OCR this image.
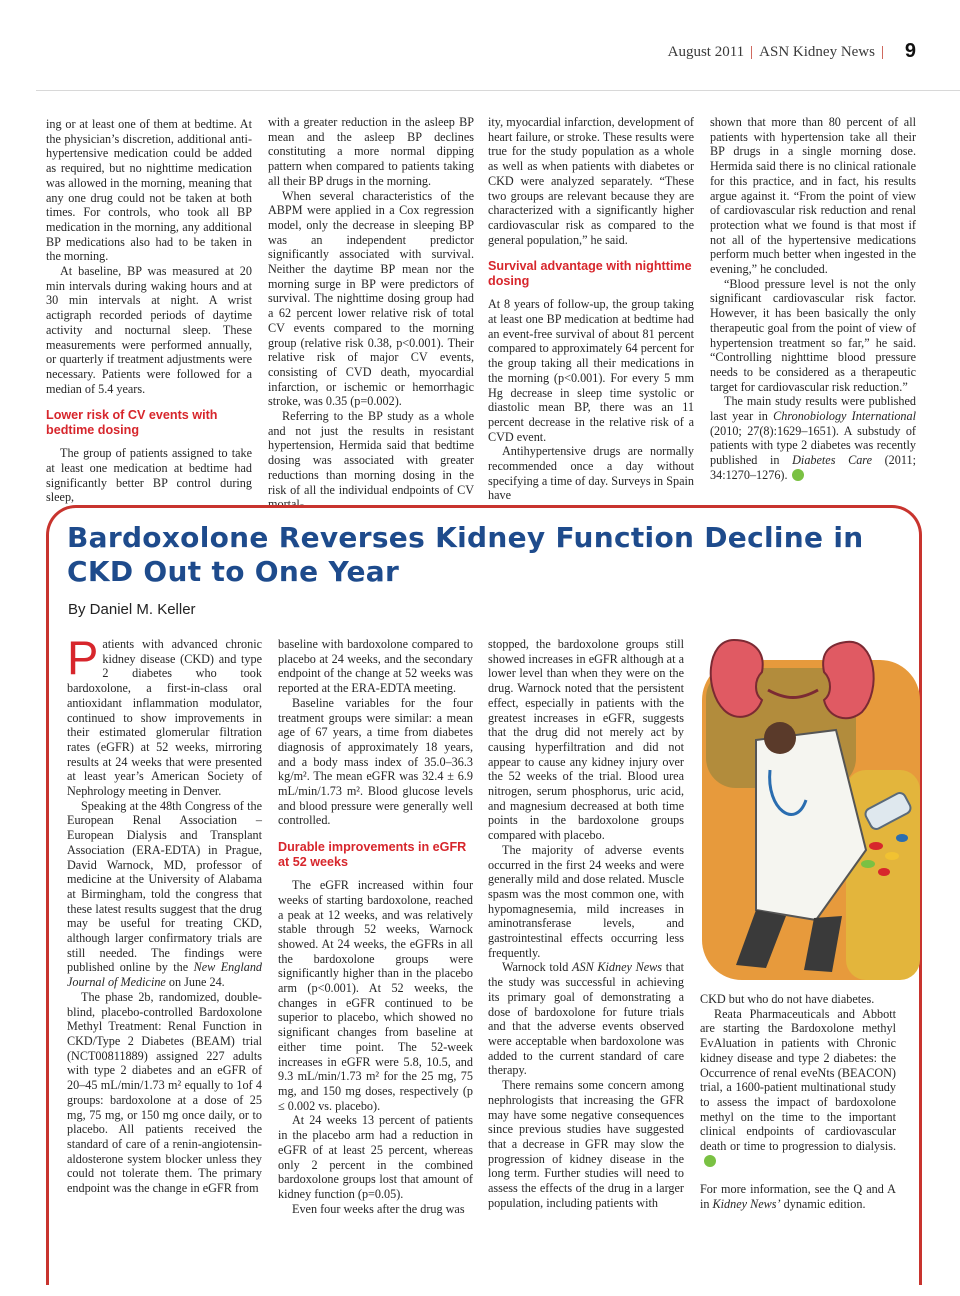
August 2011 | ASN Kidney News |	9

ing or at least one of them at bedtime. At the physician’s discretion, additional anti-hypertensive medication could be added as required, but no nighttime medication was allowed in the morning, meaning that any one drug could not be taken at both times. For controls, who took all BP medication in the morning, any additional BP medications also had to be taken in the morning.

At baseline, BP was measured at 20 min intervals during waking hours and at 30 min intervals at night. A wrist actigraph recorded periods of daytime activity and nocturnal sleep. These measurements were performed annually, or quarterly if treatment adjustments were necessary. Patients were followed for a median of 5.4 years.

Lower risk of CV events with bedtime dosing

The group of patients assigned to take at least one medication at bedtime had significantly better BP control during sleep,

with a greater reduction in the asleep BP mean and the asleep BP declines constituting a more normal dipping pattern when compared to patients taking all their BP drugs in the morning.

When several characteristics of the ABPM were applied in a Cox regression model, only the decrease in sleeping BP was an independent predictor significantly associated with survival. Neither the daytime BP mean nor the morning surge in BP were predictors of survival. The nighttime dosing group had a 62 percent lower relative risk of total CV events compared to the morning group (relative risk 0.38, p<0.001). Their relative risk of major CV events, consisting of CVD death, myocardial infarction, or ischemic or hemorrhagic stroke, was 0.35 (p=0.002).

Referring to the BP study as a whole and not just the results in resistant hypertension, Hermida said that bedtime dosing was associated with greater reductions than morning dosing in the risk of all the individual endpoints of CV mortal-

ity, myocardial infarction, development of heart failure, or stroke. These results were true for the study population as a whole as well as when patients with diabetes or CKD were analyzed separately. “These two groups are relevant because they are characterized with a significantly higher cardiovascular risk as compared to the general population,” he said.

Survival advantage with nighttime dosing

At 8 years of follow-up, the group taking at least one BP medication at bedtime had an event-free survival of about 81 percent compared to approximately 64 percent for the group taking all their medications in the morning (p<0.001). For every 5 mm Hg decrease in sleep time systolic or diastolic mean BP, there was an 11 percent decrease in the relative risk of a CVD event.

Antihypertensive drugs are normally recommended once a day without specifying a time of day. Surveys in Spain have

shown that more than 80 percent of all patients with hypertension take all their BP drugs in a single morning dose. Hermida said there is no clinical rationale for this practice, and in fact, his results argue against it. “From the point of view of cardiovascular risk reduction and renal protection what we found is that most if not all of the hypertensive medications perform much better when ingested in the evening,” he concluded.

“Blood pressure level is not the only significant cardiovascular risk factor. However, it has been basically the only therapeutic goal from the point of view of hypertension treatment so far,” he said. “Controlling nighttime blood pressure needs to be considered as a therapeutic target for cardiovascular risk reduction.”

The main study results were published last year in Chronobiology International (2010; 27(8):1629–1651). A substudy of patients with type 2 diabetes was recently published in Diabetes Care (2011; 34:1270–1276).

Bardoxolone Reverses Kidney Function Decline in CKD Out to One Year
By Daniel M. Keller

Patients with advanced chronic kidney disease (CKD) and type 2 diabetes who took bardoxolone, a first-in-class oral antioxidant inflammation modulator, continued to show improvements in their estimated glomerular filtration rates (eGFR) at 52 weeks, mirroring results at 24 weeks that were presented at least year’s American Society of Nephrology meeting in Denver.

Speaking at the 48th Congress of the European Renal Association – European Dialysis and Transplant Association (ERA-EDTA) in Prague, David Warnock, MD, professor of medicine at the University of Alabama at Birmingham, told the congress that these latest results suggest that the drug may be useful for treating CKD, although larger confirmatory trials are still needed. The findings were published online by the New England Journal of Medicine on June 24.

The phase 2b, randomized, double-blind, placebo-controlled Bardoxolone Methyl Treatment: Renal Function in CKD/Type 2 Diabetes (BEAM) trial (NCT00811889) assigned 227 adults with type 2 diabetes and an eGFR of 20–45 mL/min/1.73 m² equally to 1of 4 groups: bardoxolone at a dose of 25 mg, 75 mg, or 150 mg once daily, or to placebo. All patients received the standard of care of a renin-angiotensin-aldosterone system blocker unless they could not tolerate them. The primary endpoint was the change in eGFR from

baseline with bardoxolone compared to placebo at 24 weeks, and the secondary endpoint of the change at 52 weeks was reported at the ERA-EDTA meeting.

Baseline variables for the four treatment groups were similar: a mean age of 67 years, a time from diabetes diagnosis of approximately 18 years, and a body mass index of 35.0–36.3 kg/m². The mean eGFR was 32.4 ± 6.9 mL/min/1.73 m². Blood glucose levels and blood pressure were generally well controlled.

Durable improvements in eGFR at 52 weeks

The eGFR increased within four weeks of starting bardoxolone, reached a peak at 12 weeks, and was relatively stable through 52 weeks, Warnock showed. At 24 weeks, the eGFRs in all the bardoxolone groups were significantly higher than in the placebo arm (p<0.001). At 52 weeks, the changes in eGFR continued to be superior to placebo, which showed no significant changes from baseline at either time point. The 52-week increases in eGFR were 5.8, 10.5, and 9.3 mL/min/1.73 m² for the 25 mg, 75 mg, and 150 mg doses, respectively (p ≤ 0.002 vs. placebo).

At 24 weeks 13 percent of patients in the placebo arm had a reduction in eGFR of at least 25 percent, whereas only 2 percent in the combined bardoxolone groups lost that amount of kidney function (p=0.05).

Even four weeks after the drug was

stopped, the bardoxolone groups still showed increases in eGFR although at a lower level than when they were on the drug. Warnock noted that the persistent effect, especially in patients with the greatest increases in eGFR, suggests that the drug did not merely act by causing hyperfiltration and did not appear to cause any kidney injury over the 52 weeks of the trial. Blood urea nitrogen, serum phosphorus, uric acid, and magnesium decreased at both time points in the bardoxolone groups compared with placebo.

The majority of adverse events occurred in the first 24 weeks and were generally mild and dose related. Muscle spasm was the most common one, with hypomagnesemia, mild increases in aminotransferase levels, and gastrointestinal effects occurring less frequently.

Warnock told ASN Kidney News that the study was successful in achieving its primary goal of demonstrating a dose of bardoxolone for future trials and that the adverse events observed were acceptable when bardoxolone was added to the current standard of care therapy.

There remains some concern among nephrologists that increasing the GFR may have some negative consequences since previous studies have suggested that a decrease in GFR may slow the progression of kidney disease in the long term. Further studies will need to assess the effects of the drug in a larger population, including patients with

CKD but who do not have diabetes.

Reata Pharmaceuticals and Abbott are starting the Bardoxolone methyl EvAluation in patients with Chronic kidney disease and type 2 diabetes: the Occurrence of renal eveNts (BEACON) trial, a 1600-patient multinational study to assess the impact of bardoxolone methyl on the time to the important clinical endpoints of cardiovascular death or time to progression to dialysis.

For more information, see the Q and A in Kidney News’ dynamic edition.
